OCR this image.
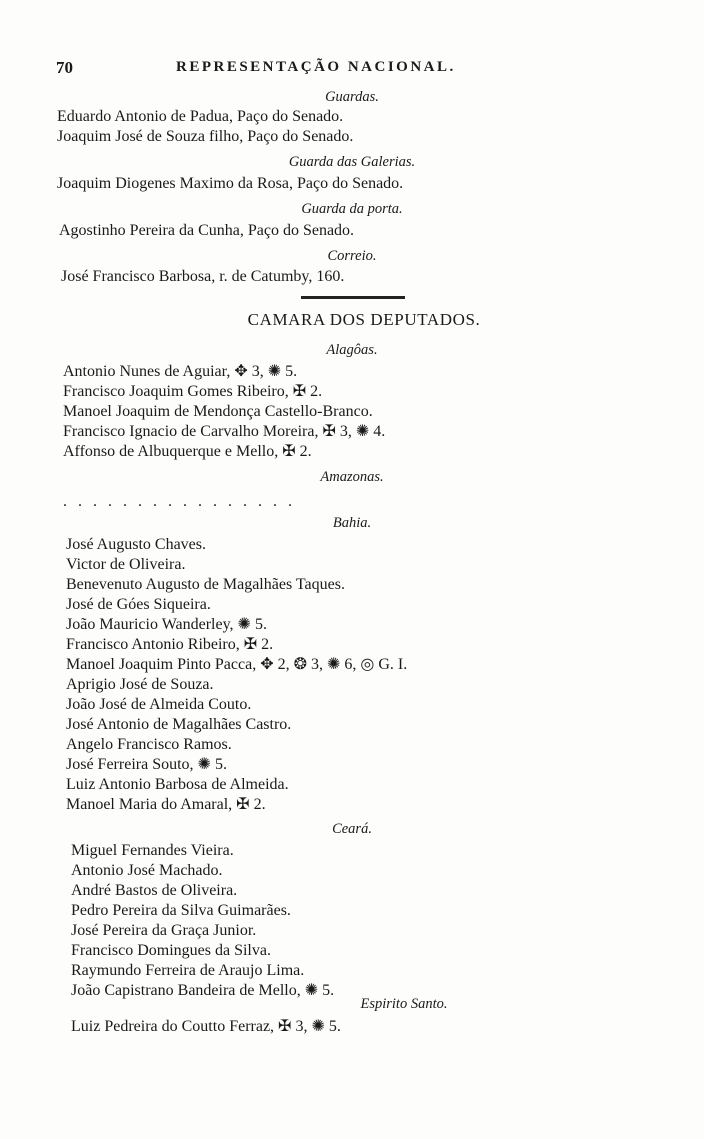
70	REPRESENTAÇÃO NACIONAL.
Guardas.
Eduardo Antonio de Padua, Paço do Senado.
Joaquim José de Souza filho, Paço do Senado.
Guarda das Galerias.
Joaquim Diogenes Maximo da Rosa, Paço do Senado.
Guarda da porta.
Agostinho Pereira da Cunha, Paço do Senado.
Correio.
José Francisco Barbosa, r. de Catumby, 160.
CAMARA DOS DEPUTADOS.
Alagôas.
Antonio Nunes de Aguiar, ✥ 3, ✺ 5.
Francisco Joaquim Gomes Ribeiro, ✠ 2.
Manoel Joaquim de Mendonça Castello-Branco.
Francisco Ignacio de Carvalho Moreira, ✠ 3, ✺ 4.
Affonso de Albuquerque e Mello, ✠ 2.
Amazonas.
................
Bahia.
José Augusto Chaves.
Victor de Oliveira.
Benevenuto Augusto de Magalhães Taques.
José de Góes Siqueira.
João Mauricio Wanderley, ✺ 5.
Francisco Antonio Ribeiro, ✠ 2.
Manoel Joaquim Pinto Pacca, ✥ 2, ❂ 3, ✺ 6, ◎ G. I.
Aprigio José de Souza.
João José de Almeida Couto.
José Antonio de Magalhães Castro.
Angelo Francisco Ramos.
José Ferreira Souto, ✺ 5.
Luiz Antonio Barbosa de Almeida.
Manoel Maria do Amaral, ✠ 2.
Ceará.
Miguel Fernandes Vieira.
Antonio José Machado.
André Bastos de Oliveira.
Pedro Pereira da Silva Guimarães.
José Pereira da Graça Junior.
Francisco Domingues da Silva.
Raymundo Ferreira de Araujo Lima.
João Capistrano Bandeira de Mello, ✺ 5.
Espirito Santo.
Luiz Pedreira do Coutto Ferraz, ✠ 3, ✺ 5.
